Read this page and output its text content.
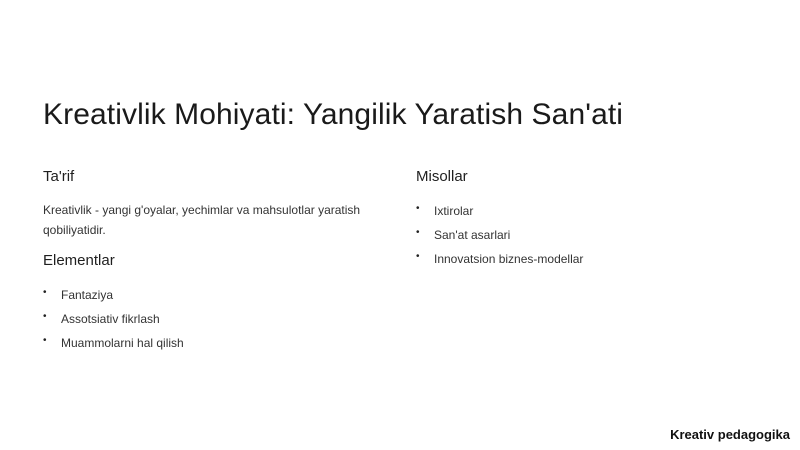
Kreativlik Mohiyati: Yangilik Yaratish San'ati
Ta'rif

Kreativlik - yangi g'oyalar, yechimlar va mahsulotlar yaratish qobiliyatidir.

Elementlar
• Fantaziya
• Assotsiativ fikrlash
• Muammolarni hal qilish
Misollar
• Ixtirolar
• San'at asarlari
• Innovatsion biznes-modellar
Kreativ pedagogika
